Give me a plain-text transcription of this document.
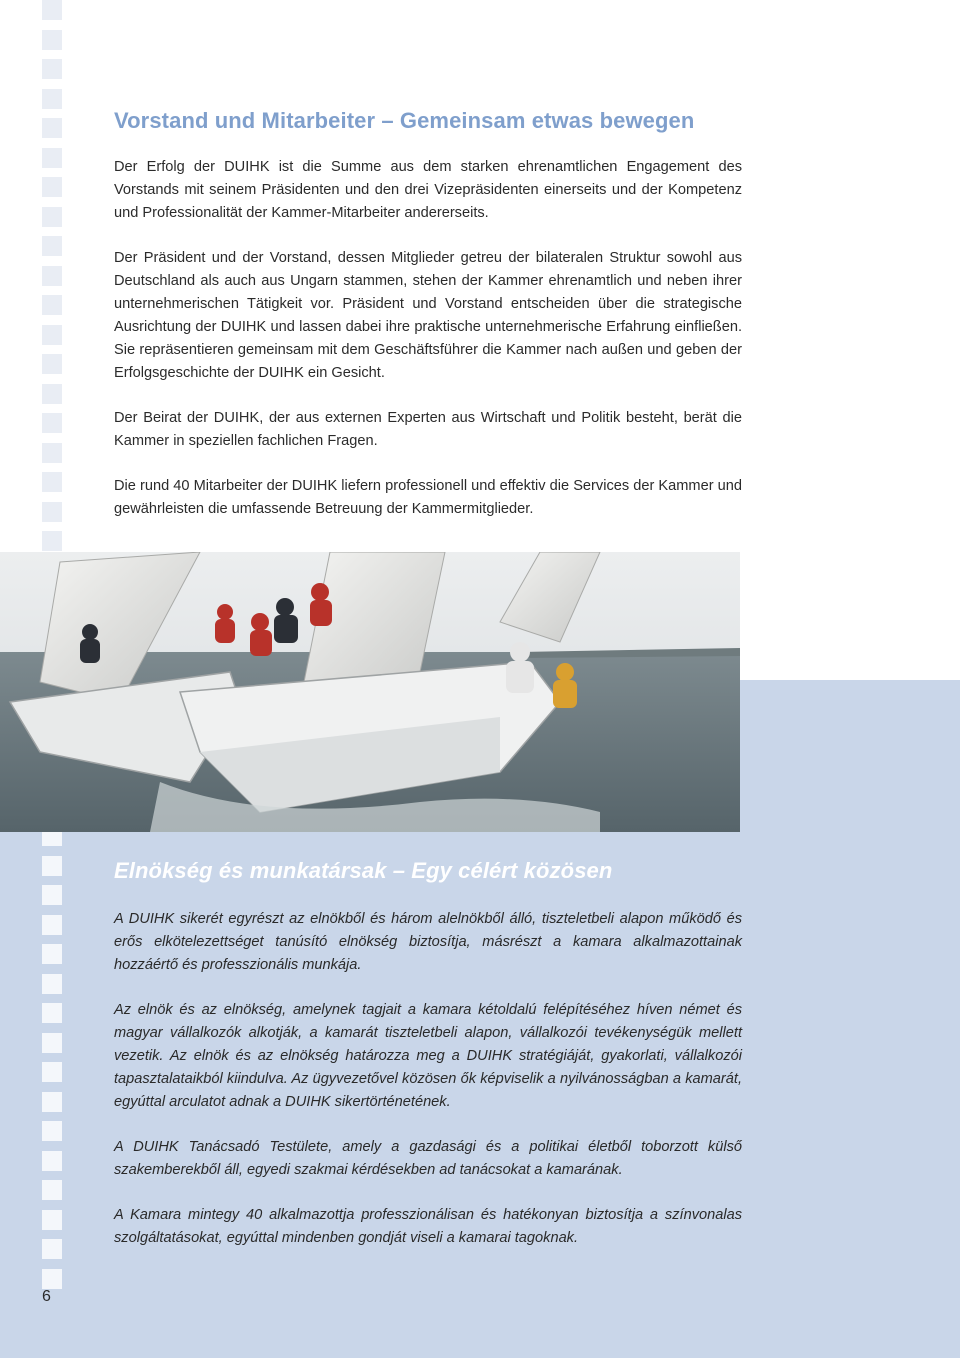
Vorstand und Mitarbeiter – Gemeinsam etwas bewegen

Der Erfolg der DUIHK ist die Summe aus dem starken ehrenamtlichen Engagement des Vorstands mit seinem Präsidenten und den drei Vizepräsidenten einerseits und der Kompetenz und Professionalität der Kammer-Mitarbeiter andererseits.

Der Präsident und der Vorstand, dessen Mitglieder getreu der bilateralen Struktur sowohl aus Deutschland als auch aus Ungarn stammen, stehen der Kammer ehrenamtlich und neben ihrer unternehmerischen Tätigkeit vor. Präsident und Vorstand entscheiden über die strategische Ausrichtung der DUIHK und lassen dabei ihre praktische unternehmerische Erfahrung einfließen. Sie repräsentieren gemeinsam mit dem Geschäftsführer die Kammer nach außen und geben der Erfolgsgeschichte der DUIHK ein Gesicht.

Der Beirat der DUIHK, der aus externen Experten aus Wirtschaft und Politik besteht, berät die Kammer in speziellen fachlichen Fragen.

Die rund 40 Mitarbeiter der DUIHK liefern professionell und effektiv die Services der Kammer und gewährleisten die umfassende Betreuung der Kammermitglieder.

Elnökség és munkatársak – Egy célért közösen

A DUIHK sikerét egyrészt az elnökből és három alelnökből álló, tiszteletbeli alapon működő és erős elkötelezettséget tanúsító elnökség biztosítja, másrészt a kamara alkalmazottainak hozzáértő és professzionális munkája.

Az elnök és az elnökség, amelynek tagjait a kamara kétoldalú felépítéséhez híven német és magyar vállalkozók alkotják, a kamarát tiszteletbeli alapon, vállalkozói tevékenységük mellett vezetik. Az elnök és az elnökség határozza meg a DUIHK stratégiáját, gyakorlati, vállalkozói tapasztalataikból kiindulva. Az ügyvezetővel közösen ők képviselik a nyilvánosságban a kamarát, egyúttal arculatot adnak a DUIHK sikertörténetének.

A DUIHK Tanácsadó Testülete, amely a gazdasági és a politikai életből toborzott külső szakemberekből áll, egyedi szakmai kérdésekben ad tanácsokat a kamarának.

A Kamara mintegy 40 alkalmazottja professzionálisan és hatékonyan biztosítja a színvonalas szolgáltatásokat, egyúttal mindenben gondját viseli a kamarai tagoknak.

6
